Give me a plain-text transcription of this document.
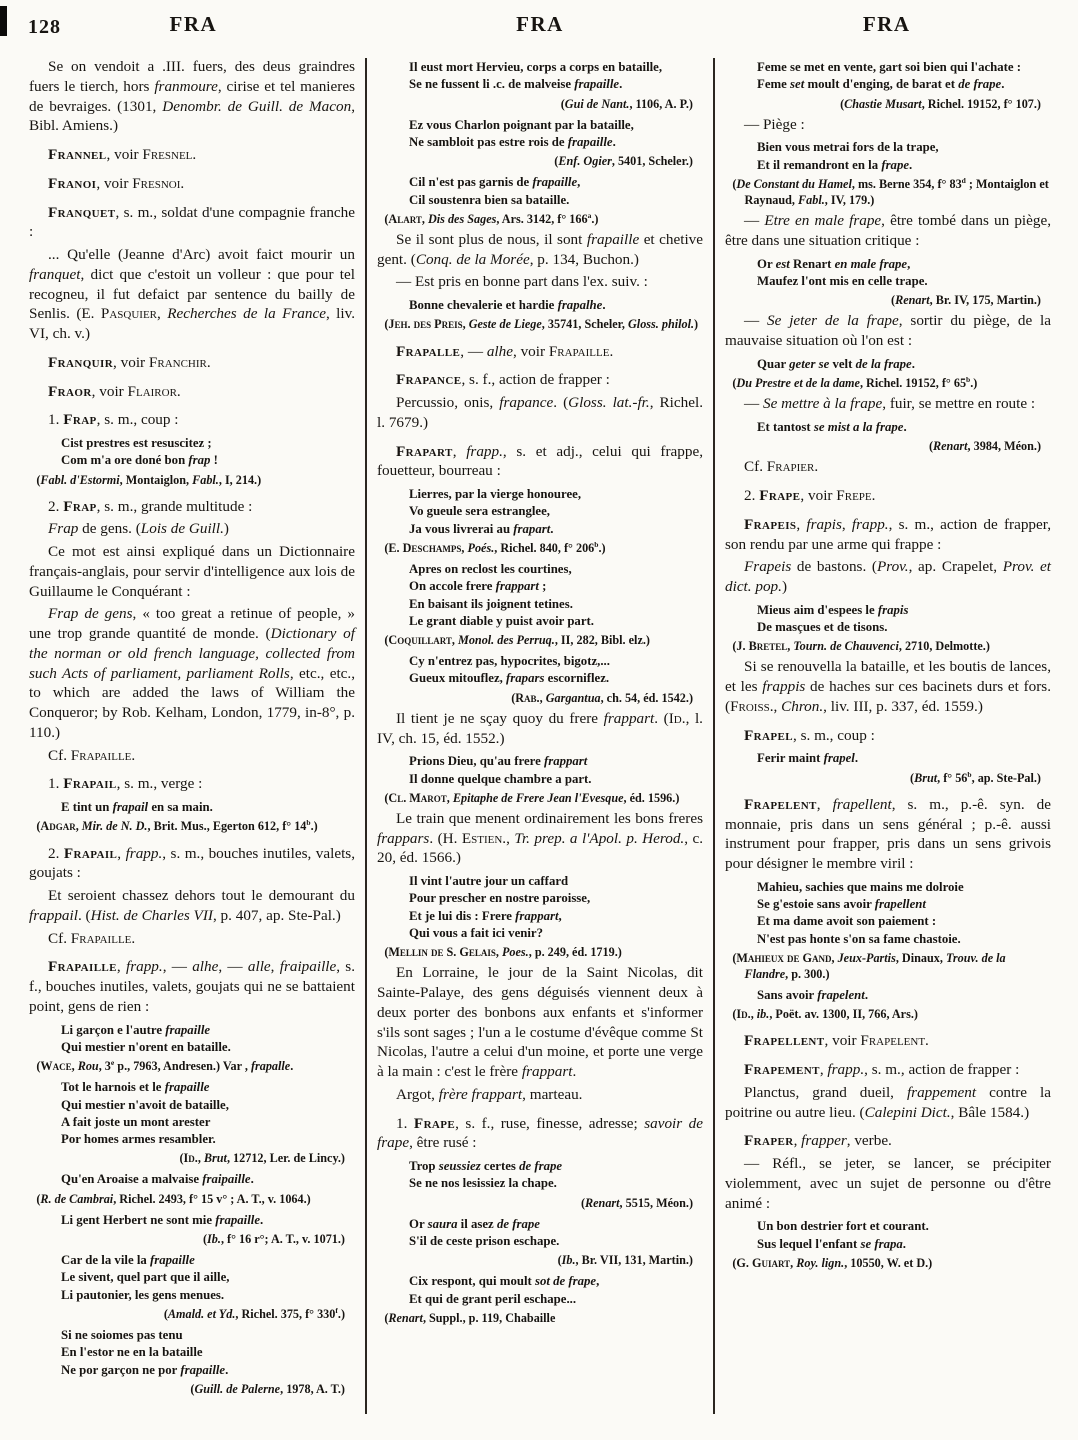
128	FRA	FRA	FRA
Se on vendoit a .III. fuers, des deus graindres fuers le tierch, hors franmoure, cirise et tel manieres de bevraiges. (1301, Denombr. de Guill. de Macon, Bibl. Amiens.)
Frannel, voir Fresnel.
Franoi, voir Fresnoi.
Franquet, s. m., soldat d'une compagnie franche :
... Qu'elle (Jeanne d'Arc) avoit faict mourir un franquet, dict que c'estoit un volleur : que pour tel recogneu, il fut defaict par sentence du bailly de Senlis. (E. Pasquier, Recherches de la France, liv. VI, ch. v.)
Franquir, voir Franchir.
Fraor, voir Flairor.
1. Frap, s. m., coup :
Cist prestres est resuscitez ;
Com m'a ore doné bon frap !
(Fabl. d'Estormi, Montaiglon, Fabl., I, 214.)
2. Frap, s. m., grande multitude :
Frap de gens. (Lois de Guill.)
Ce mot est ainsi expliqué dans un Dictionnaire français-anglais, pour servir d'intelligence aux lois de Guillaume le Conquérant :
Frap de gens, « too great a retinue of people, » une trop grande quantité de monde. (Dictionary of the norman or old french language, collected from such Acts of parliament, parliament Rolls, etc., etc., to which are added the laws of William the Conqueror; by Rob. Kelham, London, 1779, in-8°, p. 110.)
Cf. Frapaille.
1. Frapail, s. m., verge :
E tint un frapail en sa main.
(Adgar, Mir. de N. D., Brit. Mus., Egerton 612, f° 14$^b$.)
2. Frapail, frapp., s. m., bouches inutiles, valets, goujats :
Et seroient chassez dehors tout le demourant du frappail. (Hist. de Charles VII, p. 407, ap. Ste-Pal.)
Cf. Frapaille.
Frapaille, frapp., — alhe, — alle, fraipaille, s. f., bouches inutiles, valets, goujats qui ne se battaient point, gens de rien :
Li garçon e l'autre frapaille
Qui mestier n'orent en bataille.
(Wace, Rou, 3e p., 7963, Andresen.) Var , frapalle.
Tot le harnois et le frapaille
Qui mestier n'avoit de bataille,
A fait joste un mont arester
Por homes armes resambler.
(Id., Brut, 12712, Ler. de Lincy.)
Qu'en Aroaise a malvaise fraipaille.
(R. de Cambrai, Richel. 2493, f° 15 v° ; A. T., v. 1064.)
Li gent Herbert ne sont mie frapaille.
(Ib., f° 16 r°; A. T., v. 1071.)
Car de la vile la frapaille
Le sivent, quel part que il aille,
Li pautonier, les gens menues.
(Amald. et Yd., Richel. 375, f° 330$^f$.)
Si ne soiomes pas tenu
En l'estor ne en la bataille
Ne por garçon ne por frapaille.
(Guill. de Palerne, 1978, A. T.)
Il eust mort Hervieu, corps a corps en bataille,
Se ne fussent li .c. de malveise frapaille.
(Gui de Nant., 1106, A. P.)
Ez vous Charlon poignant par la bataille,
Ne sambloit pas estre rois de frapaille.
(Enf. Ogier, 5401, Scheler.)
Cil n'est pas garnis de frapaille,
Cil soustenra bien sa bataille.
(Alart, Dis des Sages, Ars. 3142, f° 166$^a$.)
Se il sont plus de nous, il sont frapaille et chetive gent. (Conq. de la Morée, p. 134, Buchon.)
— Est pris en bonne part dans l'ex. suiv. :
Bonne chevalerie et hardie frapalhe.
(Jeh. des Preis, Geste de Liege, 35741, Scheler, Gloss. philol.)
Frapalle, — alhe, voir Frapaille.
Frapance, s. f., action de frapper :
Percussio, onis, frapance. (Gloss. lat.-fr., Richel. l. 7679.)
Frapart, frapp., s. et adj., celui qui frappe, fouetteur, bourreau :
Lierres, par la vierge honouree,
Vo gueule sera estranglee,
Ja vous livrerai au frapart.
(E. Deschamps, Poés., Richel. 840, f° 206$^b$.)
Apres on reclost les courtines,
On accole frere frappart ;
En baisant ils joignent tetines.
Le grant diable y puist avoir part.
(Coquillart, Monol. des Perruq., II, 282, Bibl. elz.)
Cy n'entrez pas, hypocrites, bigotz,...
Gueux mitouflez, frapars escorniflez.
(Rab., Gargantua, ch. 54, éd. 1542.)
Il tient je ne sçay quoy du frere frappart. (Id., l. IV, ch. 15, éd. 1552.)
Prions Dieu, qu'au frere frappart
Il donne quelque chambre a part.
(Cl. Marot, Epitaphe de Frere Jean l'Evesque, éd. 1596.)
Le train que menent ordinairement les bons freres frappars. (H. Estien., Tr. prep. a l'Apol. p. Herod., c. 20, éd. 1566.)
Il vint l'autre jour un caffard
Pour prescher en nostre paroisse,
Et je lui dis : Frere frappart,
Qui vous a fait ici venir?
(Mellin de S. Gelais, Poes., p. 249, éd. 1719.)
En Lorraine, le jour de la Saint Nicolas, dit Sainte-Palaye, des gens déguisés viennent deux à deux porter des bonbons aux enfants et s'informer s'ils sont sages ; l'un a le costume d'évêque comme St Nicolas, l'autre a celui d'un moine, et porte une verge à la main : c'est le frère frappart.
Argot, frère frappart, marteau.
1. Frape, s. f., ruse, finesse, adresse; savoir de frape, être rusé :
Trop seussiez certes de frape
Se ne nos lesissiez la chape.
(Renart, 5515, Méon.)
Or saura il asez de frape
S'il de ceste prison eschape.
(Ib., Br. VII, 131, Martin.)
Cix respont, qui moult sot de frape,
Et qui de grant peril eschape...
(Renart, Suppl., p. 119, Chabaille
Feme se met en vente, gart soi bien qui l'achate :
Feme set moult d'enging, de barat et de frape.
(Chastie Musart, Richel. 19152, f° 107.)
— Piège :
Bien vous metrai fors de la trape,
Et il remandront en la frape.
(De Constant du Hamel, ms. Berne 354, f° 83$^d$ ; Montaiglon et Raynaud, Fabl., IV, 179.)
— Etre en male frape, être tombé dans un piège, être dans une situation critique :
Or est Renart en male frape,
Maufez l'ont mis en celle trape.
(Renart, Br. IV, 175, Martin.)
— Se jeter de la frape, sortir du piège, de la mauvaise situation où l'on est :
Quar geter se velt de la frape.
(Du Prestre et de la dame, Richel. 19152, f° 65$^b$.)
— Se mettre à la frape, fuir, se mettre en route :
Et tantost se mist a la frape.
(Renart, 3984, Méon.)
Cf. Frapier.
2. Frape, voir Frepe.
Frapeis, frapis, frapp., s. m., action de frapper, son rendu par une arme qui frappe :
Frapeis de bastons. (Prov., ap. Crapelet, Prov. et dict. pop.)
Mieus aim d'espees le frapis
De masçues et de tisons.
(J. Bretel, Tourn. de Chauvenci, 2710, Delmotte.)
Si se renouvella la bataille, et les boutis de lances, et les frappis de haches sur ces bacinets durs et fors. (Froiss., Chron., liv. III, p. 337, éd. 1559.)
Frapel, s. m., coup :
Ferir maint frapel.
(Brut, f° 56$^b$, ap. Ste-Pal.)
Frapelent, frapellent, s. m., p.-ê. syn. de monnaie, pris dans un sens général ; p.-ê. aussi instrument pour frapper, pris dans un sens grivois pour désigner le membre viril :
Mahieu, sachies que mains me dolroie
Se g'estoie sans avoir frapellent
Et ma dame avoit son paiement :
N'est pas honte s'on sa fame chastoie.
(Mahieux de Gand, Jeux-Partis, Dinaux, Trouv. de la Flandre, p. 300.)
Sans avoir frapelent.
(Id., ib., Poët. av. 1300, II, 766, Ars.)
Frapellent, voir Frapelent.
Frapement, frapp., s. m., action de frapper :
Planctus, grand dueil, frappement contre la poitrine ou autre lieu. (Calepini Dict., Bâle 1584.)
Fraper, frapper, verbe.
— Réfl., se jeter, se lancer, se précipiter violemment, avec un sujet de personne ou d'être animé :
Un bon destrier fort et courant.
Sus lequel l'enfant se frapa.
(G. Guiart, Roy. lign., 10550, W. et D.)
